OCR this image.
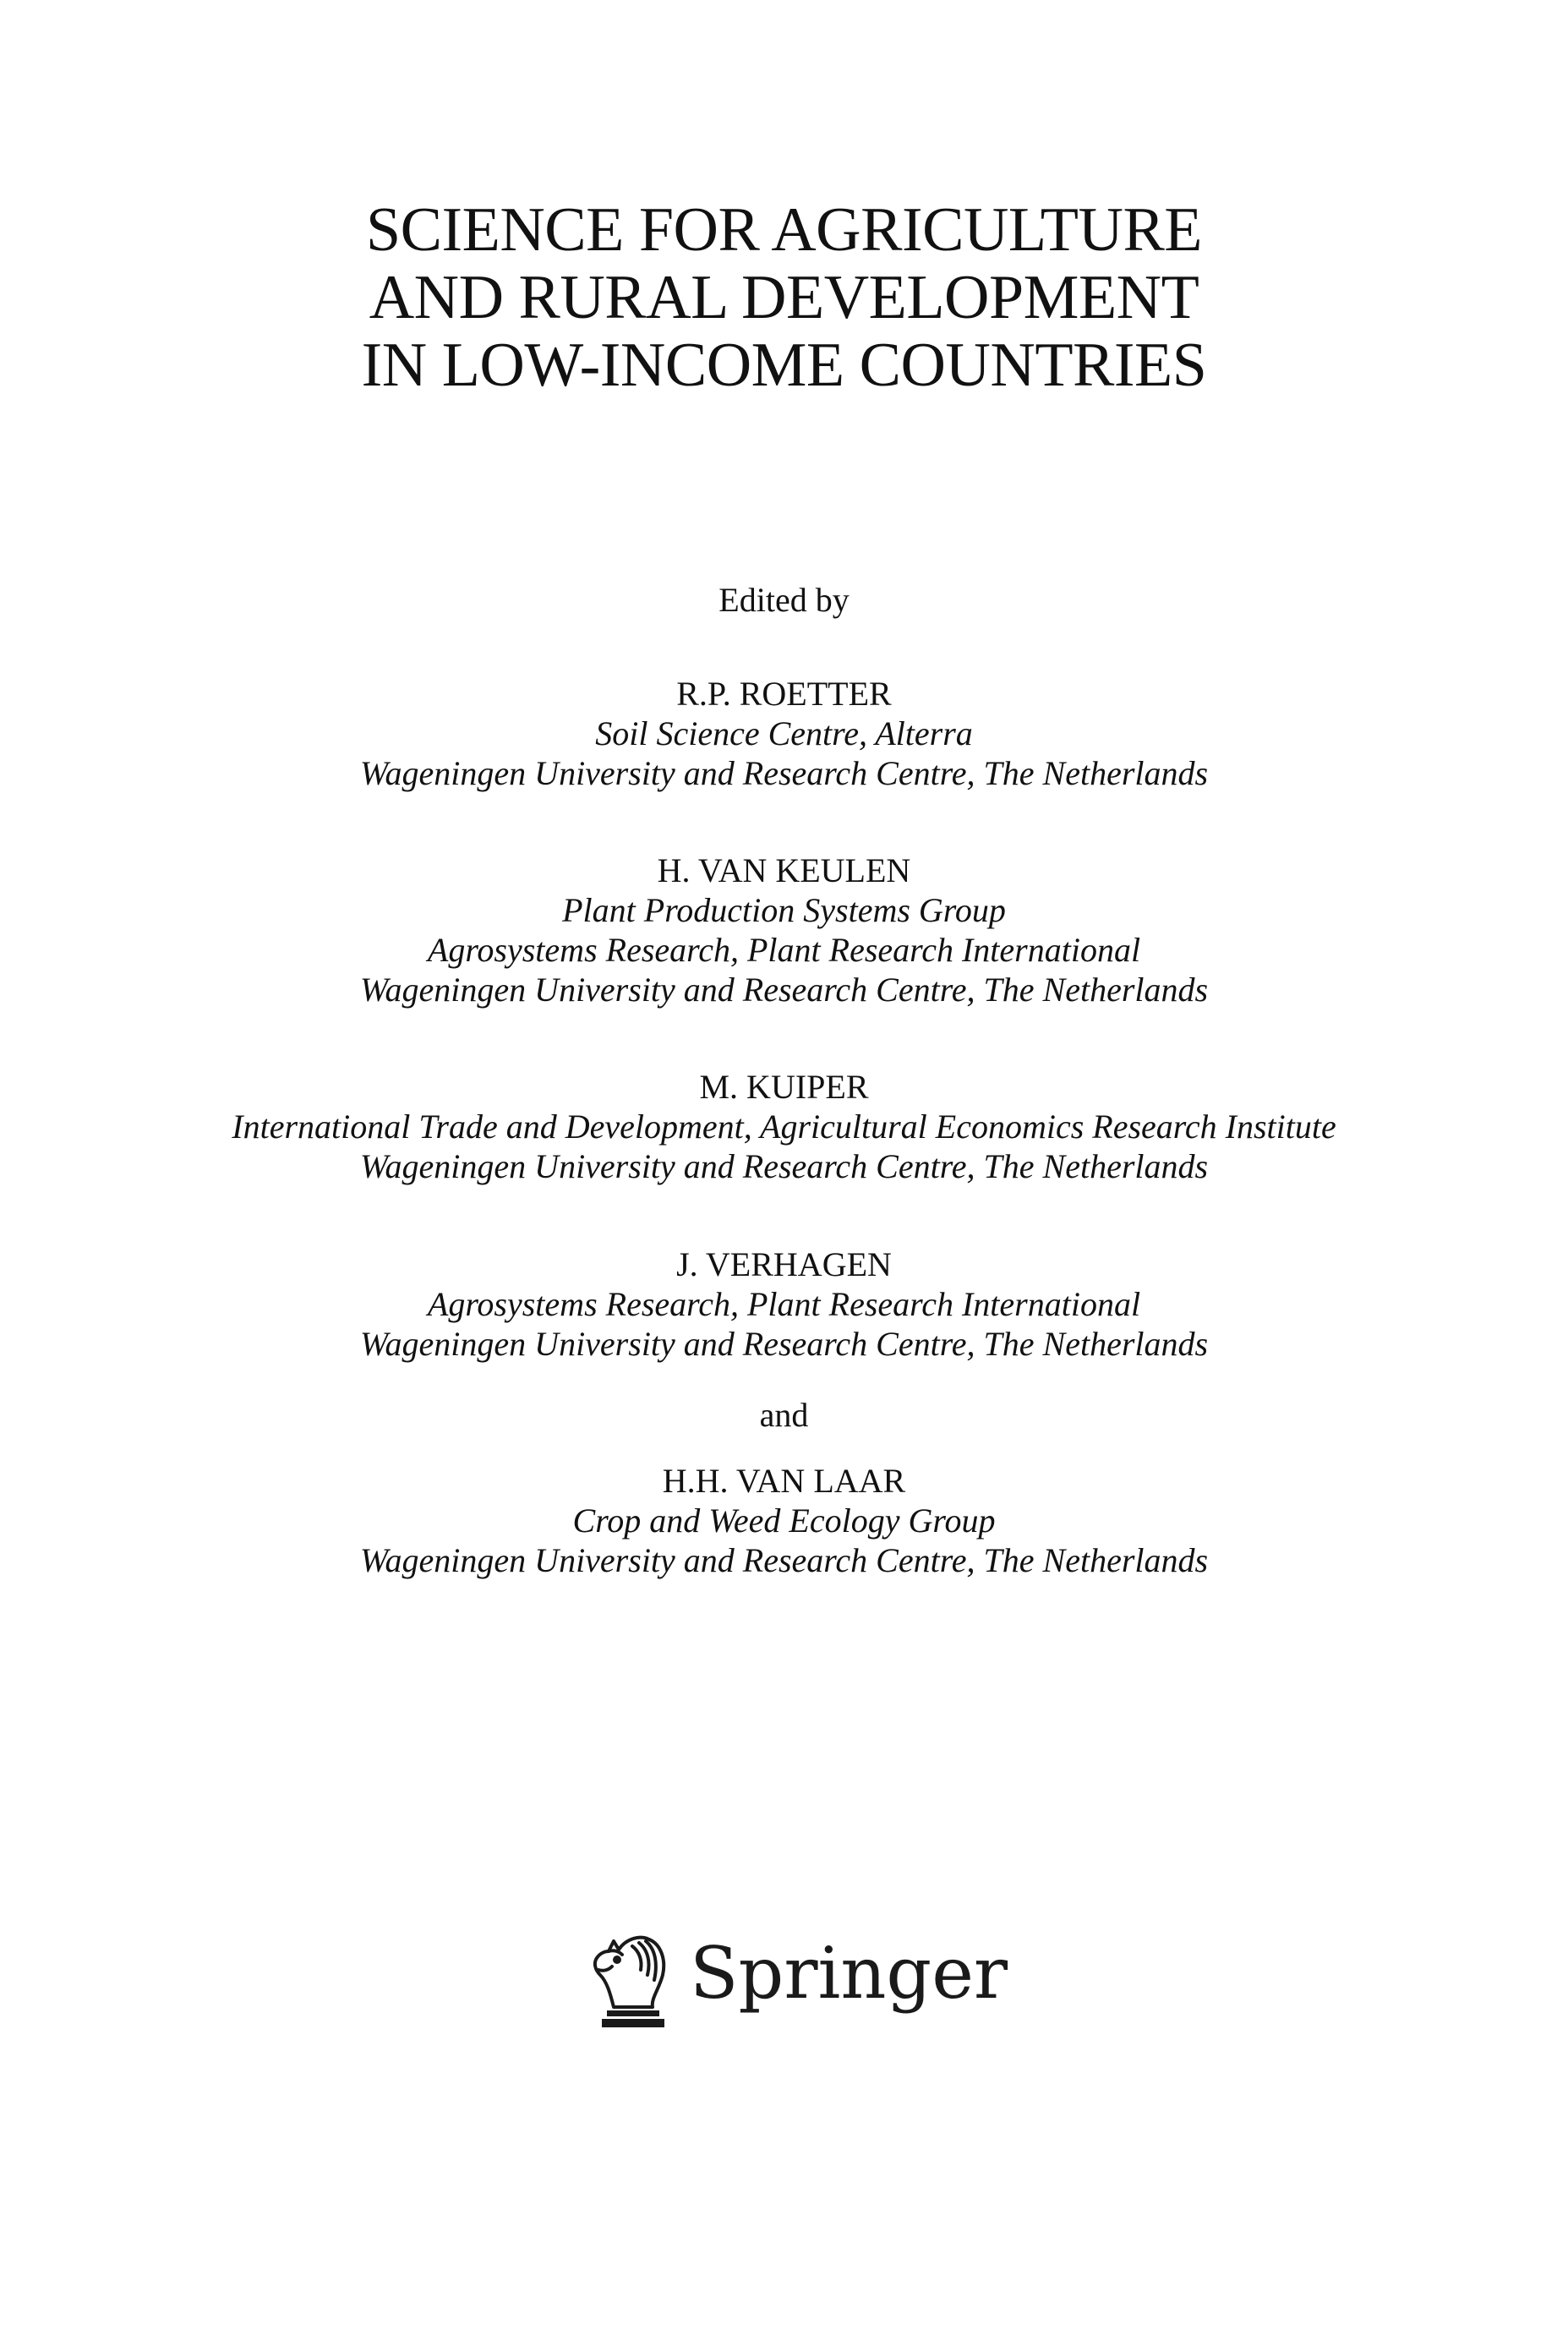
SCIENCE FOR AGRICULTURE
AND RURAL DEVELOPMENT
IN LOW-INCOME COUNTRIES
Edited by
R.P. ROETTER
Soil Science Centre, Alterra
Wageningen University and Research Centre, The Netherlands
H. VAN KEULEN
Plant Production Systems Group
Agrosystems Research, Plant Research International
Wageningen University and Research Centre, The Netherlands
M. KUIPER
International Trade and Development, Agricultural Economics Research Institute
Wageningen University and Research Centre, The Netherlands
J. VERHAGEN
Agrosystems Research, Plant Research International
Wageningen University and Research Centre, The Netherlands
and
H.H. VAN LAAR
Crop and Weed Ecology Group
Wageningen University and Research Centre, The Netherlands
Springer
